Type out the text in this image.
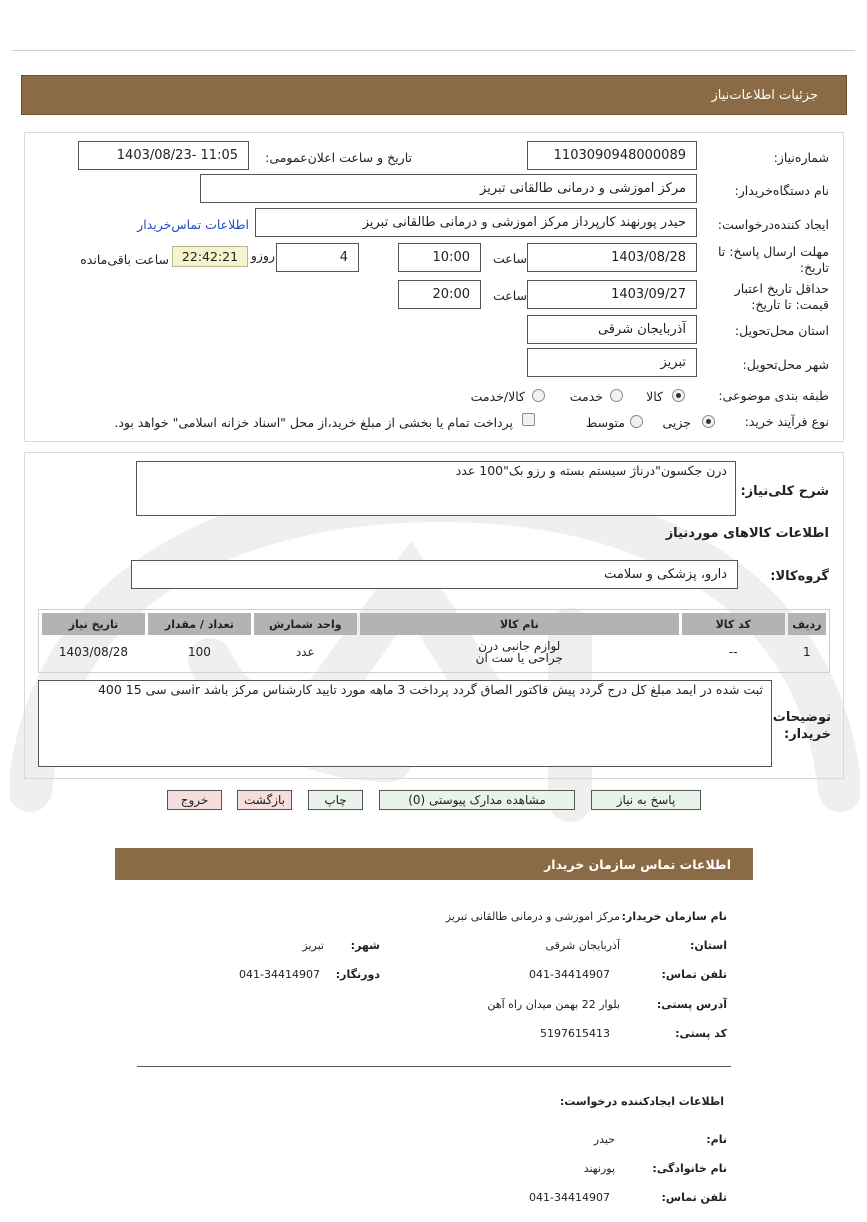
جزئیات اطلاعات‌نیاز
شماره‌نیاز:
1103090948000089
تاریخ و ساعت اعلان‌عمومی:
1403/08/23- 11:05
نام دستگاه‌خریدار:
مرکز اموزشی و درمانی طالقانی تبریز
ایجاد کننده‌درخواست:
حیدر پورنهند کارپرداز مرکز اموزشی و درمانی طالقانی تبریز
اطلاعات تماس‌خریدار
مهلت ارسال پاسخ: تا
تاریخ:
1403/08/28
ساعت
10:00
4
روزو
22:42:21
ساعت باقی‌مانده
حداقل تاریخ اعتبار
قیمت: تا تاریخ:
1403/09/27
ساعت
20:00
استان محل‌تحویل:
آذربایجان شرقی
شهر محل‌تحویل:
تبریز
طبقه بندی موضوعی:
کالا
خدمت
کالا/خدمت
نوع فرآیند خرید:
جزیی
متوسط
پرداخت تمام یا بخشی از مبلغ خرید،از محل "اسناد خزانه اسلامی" خواهد بود.
شرح کلی‌نیاز:
درن جکسون"درناژ سیستم بسته و رزو بک"100 عدد
اطلاعات کالاهای موردنیاز
گروه‌کالا:
دارو، پزشکی و سلامت
ردیف	کد کالا	نام کالا	واحد شمارش	تعداد / مقدار	تاریخ نیاز
1	--	لوازم جانبی درن جراحی یا ست ان	عدد	100	1403/08/28
توضیحات
خریدار:
ثبت شده در ایمد مبلغ کل درج گردد پیش فاکتور الصاق گردد پرداخت 3 ماهه مورد تایید کارشناس مرکز باشد irسی سی 15 400
پاسخ به نیاز
مشاهده مدارک پیوستی (0)
چاپ
بازگشت
خروج
اطلاعات تماس سازمان خریدار
نام سازمان خریدار:
مرکز اموزشی و درمانی طالقانی تبریز
استان:
آذربایجان شرقی
شهر:
تبریز
تلفن تماس:
041-34414907
دورنگار:
041-34414907
آدرس پستی:
بلوار 22 بهمن میدان راه آهن
کد پستی:
5197615413
اطلاعات ایجادکننده درخواست:
نام:
حیدر
نام خانوادگی:
پورنهند
تلفن تماس:
041-34414907
